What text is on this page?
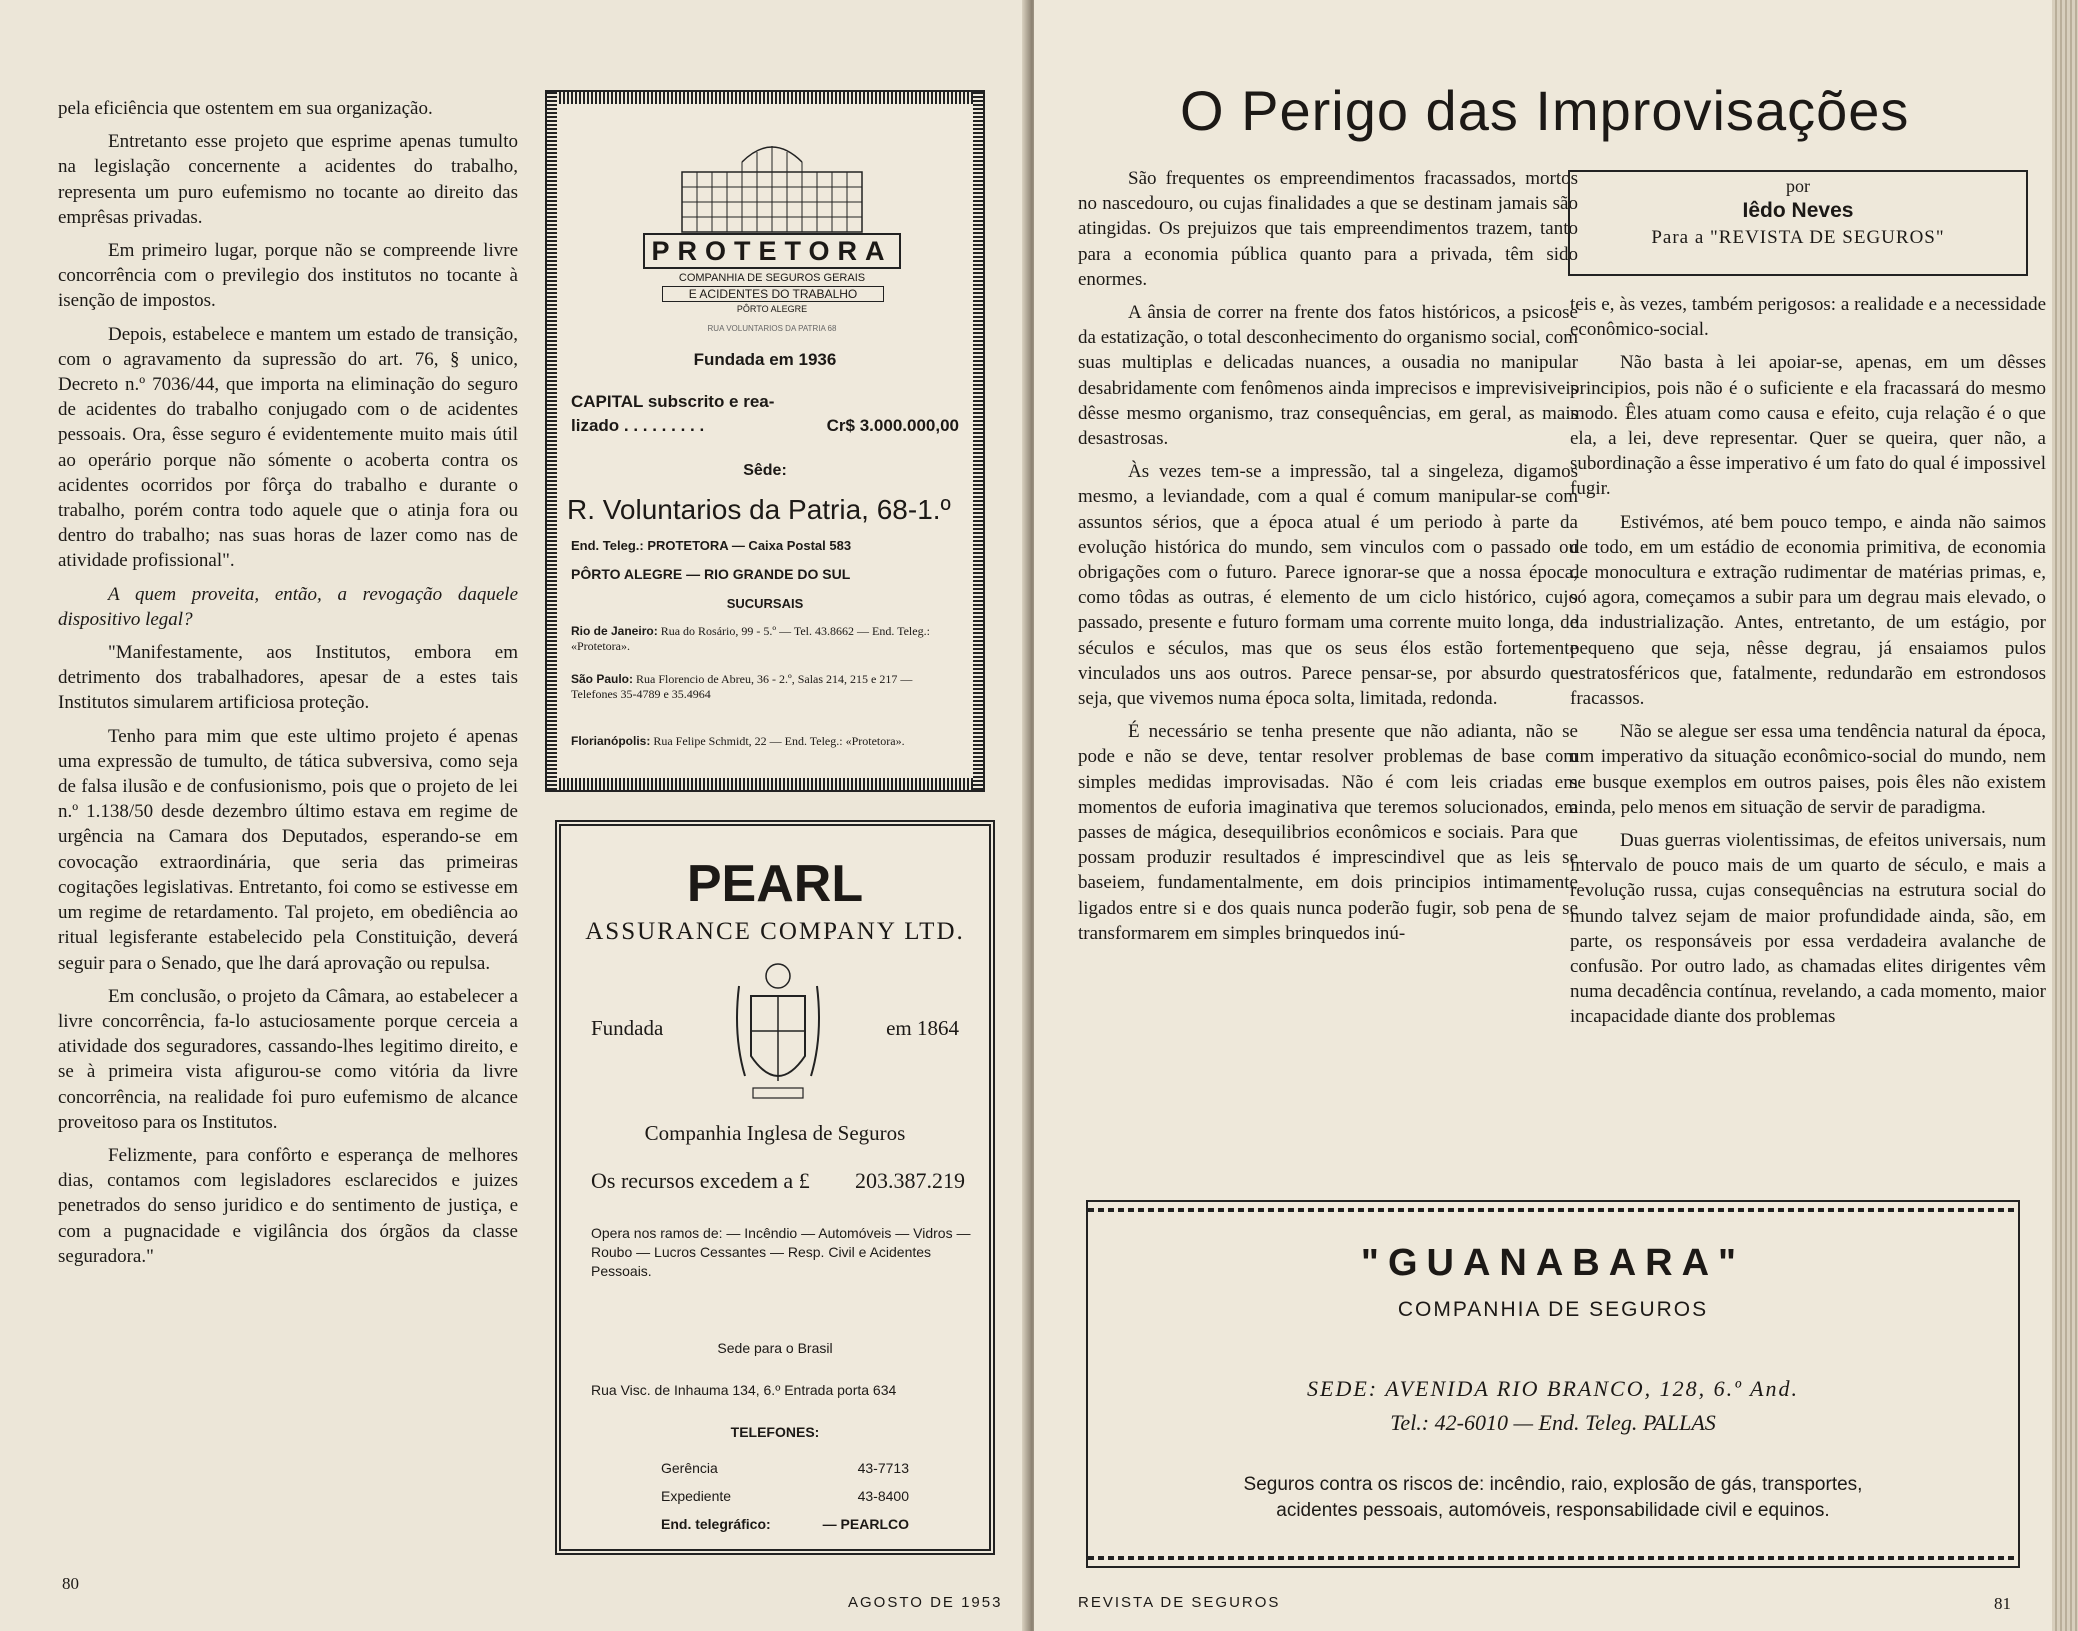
pela eficiência que ostentem em sua organização.

Entretanto esse projeto que esprime apenas tumulto na legislação concernente a acidentes do trabalho, representa um puro eufemismo no tocante ao direito das emprêsas privadas.

Em primeiro lugar, porque não se compreende livre concorrência com o previlegio dos institutos no tocante à isenção de impostos.

Depois, estabelece e mantem um estado de transição, com o agravamento da supressão do art. 76, § unico, Decreto n.º 7036/44, que importa na eliminação do seguro de acidentes do trabalho conjugado com o de acidentes pessoais. Ora, êsse seguro é evidentemente muito mais útil ao operário porque não sómente o acoberta contra os acidentes ocorridos por fôrça do trabalho e durante o trabalho, porém contra todo aquele que o atinja fora ou dentro do trabalho; nas suas horas de lazer como nas de atividade profissional".

A quem proveita, então, a revogação daquele dispositivo legal?

"Manifestamente, aos Institutos, embora em detrimento dos trabalhadores, apesar de a estes tais Institutos simularem artificiosa proteção.

Tenho para mim que este ultimo projeto é apenas uma expressão de tumulto, de tática subversiva, como seja de falsa ilusão e de confusionismo, pois que o projeto de lei n.º 1.138/50 desde dezembro último estava em regime de urgência na Camara dos Deputados, esperando-se em covocação extraordinária, que seria das primeiras cogitações legislativas. Entretanto, foi como se estivesse em um regime de retardamento. Tal projeto, em obediência ao ritual legisferante estabelecido pela Constituição, deverá seguir para o Senado, que lhe dará aprovação ou repulsa.

Em conclusão, o projeto da Câmara, ao estabelecer a livre concorrência, fa-lo astuciosamente porque cerceia a atividade dos seguradores, cassando-lhes legitimo direito, e se à primeira vista afigurou-se como vitória da livre concorrência, na realidade foi puro eufemismo de alcance proveitoso para os Institutos.

Felizmente, para confôrto e esperança de melhores dias, contamos com legisladores esclarecidos e juizes penetrados do senso juridico e do sentimento de justiça, e com a pugnacidade e vigilância dos órgãos da classe seguradora."

PROTETORA
COMPANHIA DE SEGUROS GERAIS
E ACIDENTES DO TRABALHO
PÔRTO ALEGRE
RUA VOLUNTARIOS DA PATRIA 68
Fundada em 1936
CAPITAL subscrito e rea-
lizado . . . . . . . . .	Cr$ 3.000.000,00
Sêde:
R. Voluntarios da Patria, 68-1.º
End. Teleg.: PROTETORA — Caixa Postal 583
PÔRTO ALEGRE — RIO GRANDE DO SUL
SUCURSAIS
Rio de Janeiro: Rua do Rosário, 99 - 5.º — Tel. 43.8662 — End. Teleg.: «Protetora».
São Paulo: Rua Florencio de Abreu, 36 - 2.º, Salas 214, 215 e 217 — Telefones 35-4789 e 35.4964
Florianópolis: Rua Felipe Schmidt, 22 — End. Teleg.: «Protetora».
PEARL
ASSURANCE COMPANY LTD.
Fundada	em 1864
Companhia Inglesa de Seguros
Os recursos excedem a £ 203.387.219
Opera nos ramos de: — Incêndio — Automóveis — Vidros — Roubo — Lucros Cessantes — Resp. Civil e Acidentes Pessoais.
Sede para o Brasil
Rua Visc. de Inhauma 134, 6.º Entrada porta 634
TELEFONES:
Gerência	43-7713
Expediente	43-8400
End. telegráfico:	— PEARLCO
80
AGOSTO DE 1953
O Perigo das Improvisações

São frequentes os empreendimentos fracassados, mortos no nascedouro, ou cujas finalidades a que se destinam jamais são atingidas. Os prejuizos que tais empreendimentos trazem, tanto para a economia pública quanto para a privada, têm sido enormes.

A ânsia de correr na frente dos fatos históricos, a psicose da estatização, o total desconhecimento do organismo social, com suas multiplas e delicadas nuances, a ousadia no manipular desabridamente com fenômenos ainda imprecisos e imprevisiveis dêsse mesmo organismo, traz consequências, em geral, as mais desastrosas.

Às vezes tem-se a impressão, tal a singeleza, digamos mesmo, a leviandade, com a qual é comum manipular-se com assuntos sérios, que a época atual é um periodo à parte da evolução histórica do mundo, sem vinculos com o passado ou obrigações com o futuro. Parece ignorar-se que a nossa época, como tôdas as outras, é elemento de um ciclo histórico, cujo passado, presente e futuro formam uma corrente muito longa, de séculos e séculos, mas que os seus élos estão fortemente vinculados uns aos outros. Parece pensar-se, por absurdo que seja, que vivemos numa época solta, limitada, redonda.

É necessário se tenha presente que não adianta, não se pode e não se deve, tentar resolver problemas de base com simples medidas improvisadas. Não é com leis criadas em momentos de euforia imaginativa que teremos solucionados, em passes de mágica, desequilibrios econômicos e sociais. Para que possam produzir resultados é imprescindivel que as leis se baseiem, fundamentalmente, em dois principios intimamente ligados entre si e dos quais nunca poderão fugir, sob pena de se transformarem em simples brinquedos inú-

teis e, às vezes, também perigosos: a realidade e a necessidade econômico-social.

Não basta à lei apoiar-se, apenas, em um dêsses principios, pois não é o suficiente e ela fracassará do mesmo modo. Êles atuam como causa e efeito, cuja relação é o que ela, a lei, deve representar. Quer se queira, quer não, a subordinação a êsse imperativo é um fato do qual é impossivel fugir.

Estivémos, até bem pouco tempo, e ainda não saimos de todo, em um estádio de economia primitiva, de economia de monocultura e extração rudimentar de matérias primas, e, só agora, começamos a subir para um degrau mais elevado, o da industrialização. Antes, entretanto, de um estágio, por pequeno que seja, nêsse degrau, já ensaiamos pulos estratosféricos que, fatalmente, redundarão em estrondosos fracassos.

Não se alegue ser essa uma tendência natural da época, um imperativo da situação econômico-social do mundo, nem se busque exemplos em outros paises, pois êles não existem ainda, pelo menos em situação de servir de paradigma.

Duas guerras violentissimas, de efeitos universais, num intervalo de pouco mais de um quarto de século, e mais a revolução russa, cujas consequências na estrutura social do mundo talvez sejam de maior profundidade ainda, são, em parte, os responsáveis por essa verdadeira avalanche de confusão. Por outro lado, as chamadas elites dirigentes vêm numa decadência contínua, revelando, a cada momento, maior incapacidade diante dos problemas

"GUANABARA"
COMPANHIA DE SEGUROS
SEDE: AVENIDA RIO BRANCO, 128, 6.º And.
Tel.: 42-6010 — End. Teleg. PALLAS
Seguros contra os riscos de: incêndio, raio, explosão de gás, transportes,
acidentes pessoais, automóveis, responsabilidade civil e equinos.
REVISTA DE SEGUROS	81
por
Iêdo Neves
Para a "REVISTA DE SEGUROS"
